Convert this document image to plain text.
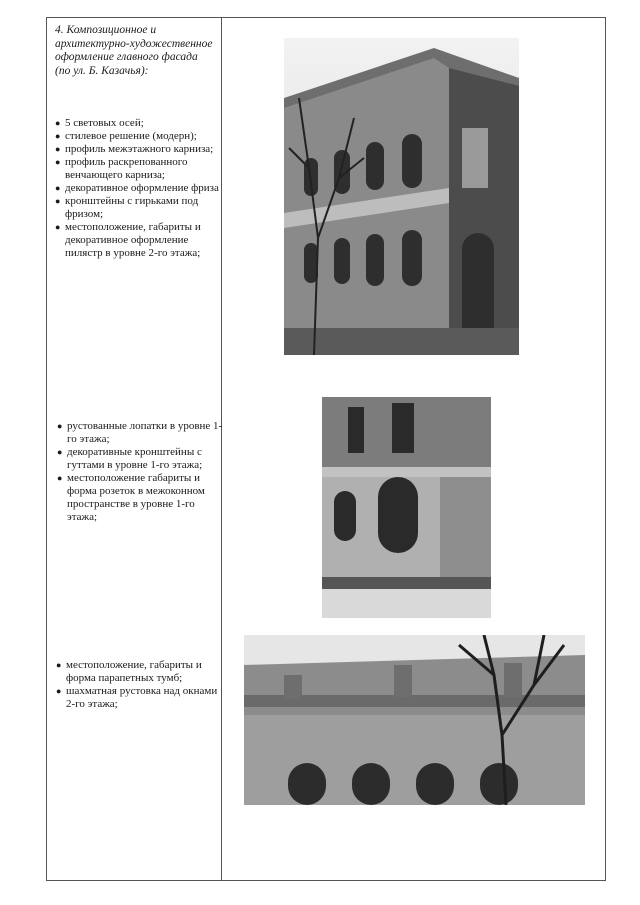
4. Композиционное и архитектурно-художественное оформление главного фасада (по ул. Б. Казачья):
● 5 световых осей;
● стилевое решение (модерн);
● профиль межэтажного карниза;
● профиль раскрепованного венчающего карниза;
● декоративное оформление фриза
● кронштейны с гирьками под фризом;
● местоположение, габариты и декоративное оформление пилястр в уровне 2-го этажа;
● рустованные лопатки в уровне 1-го этажа;
● декоративные кронштейны с гуттами в уровне 1-го этажа;
● местоположение габариты и форма розеток в межоконном пространстве в уровне 1-го этажа;
● местоположение, габариты и форма парапетных тумб;
● шахматная рустовка над окнами 2-го этажа;
